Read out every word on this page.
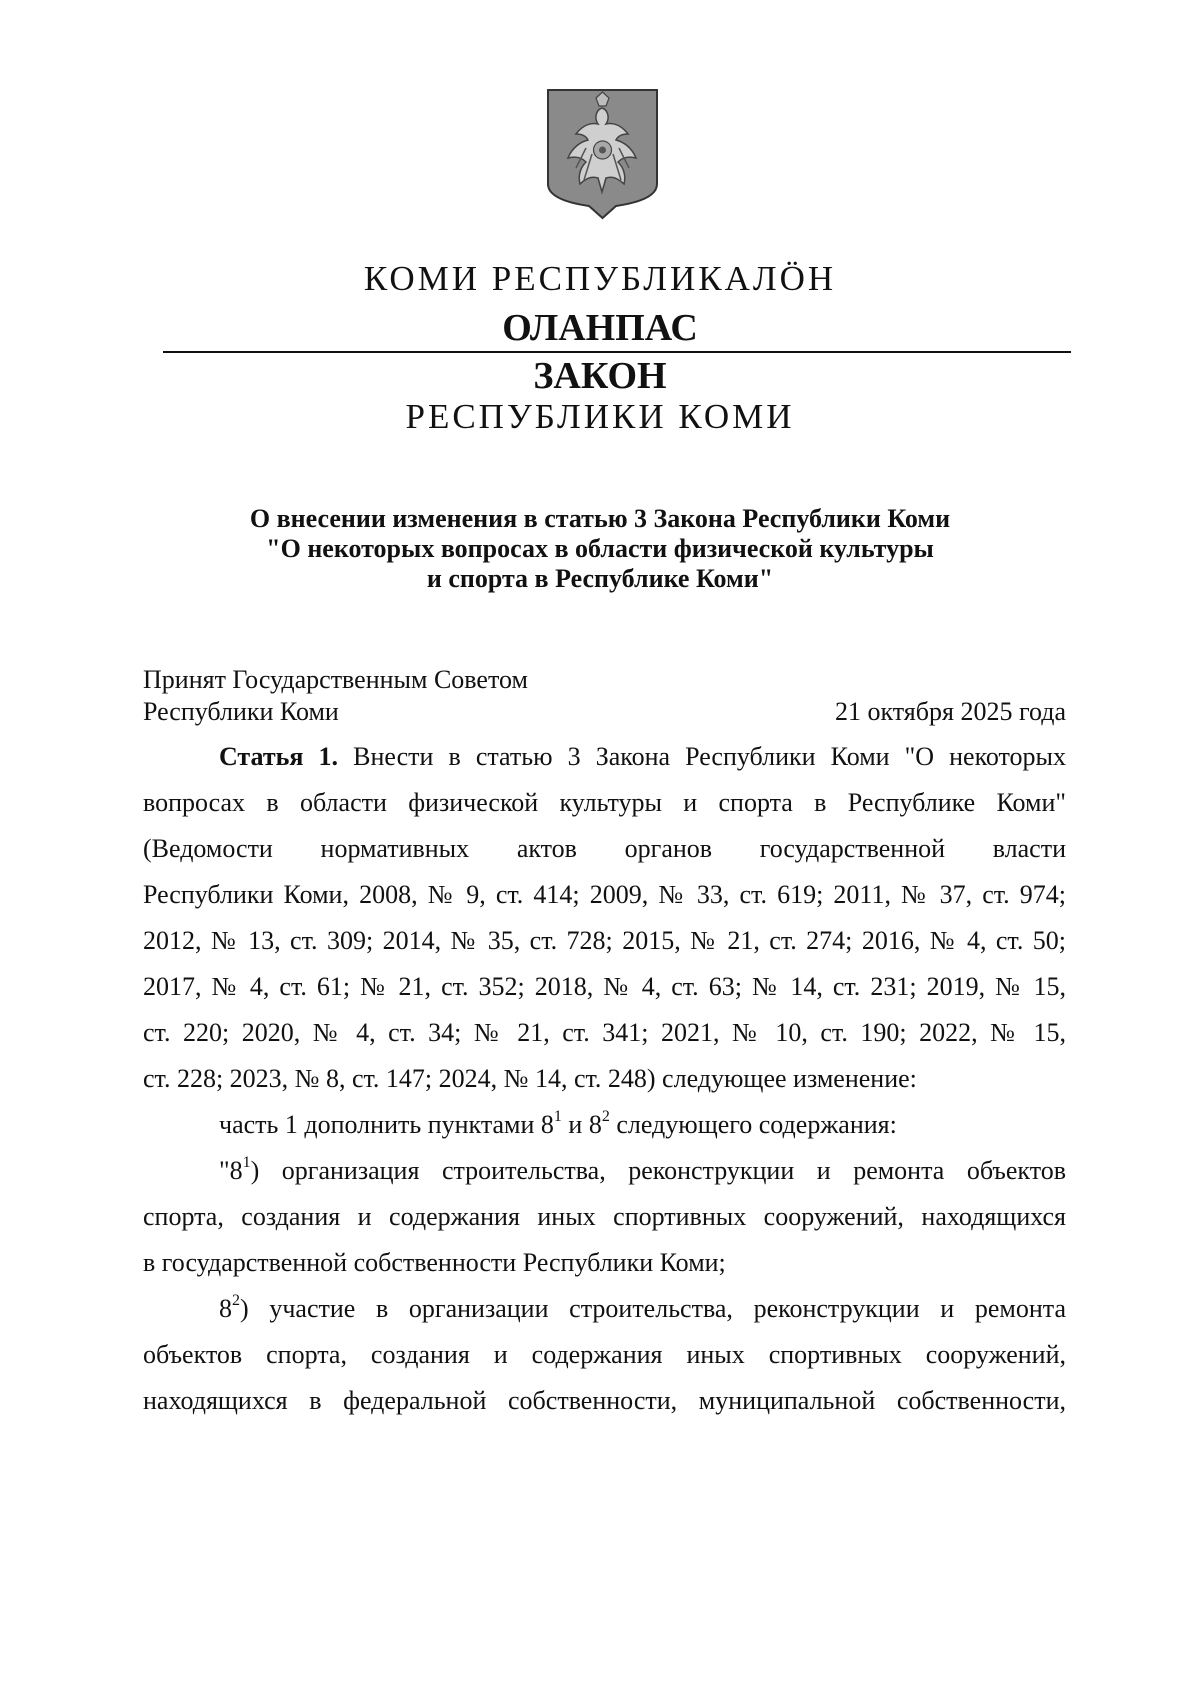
КОМИ РЕСПУБЛИКАЛӦН
ОЛАНПАС
ЗАКОН
РЕСПУБЛИКИ КОМИ
О внесении изменения в статью 3 Закона Республики Коми
"О некоторых вопросах в области физической культуры
и спорта в Республике Коми"
Принят Государственным Советом
Республики Коми	21 октября 2025 года
Статья 1. Внести в статью 3 Закона Республики Коми "О некоторых
вопросах в области физической культуры и спорта в Республике Коми"
(Ведомости нормативных актов органов государственной власти
Республики Коми, 2008, № 9, ст. 414; 2009, № 33, ст. 619; 2011, № 37, ст. 974;
2012, № 13, ст. 309; 2014, № 35, ст. 728; 2015, № 21, ст. 274; 2016, № 4, ст. 50;
2017, № 4, ст. 61; № 21, ст. 352; 2018, № 4, ст. 63; № 14, ст. 231; 2019, № 15,
ст. 220; 2020, № 4, ст. 34; № 21, ст. 341; 2021, № 10, ст. 190; 2022, № 15,
ст. 228; 2023, № 8, ст. 147; 2024, № 14, ст. 248) следующее изменение:
часть 1 дополнить пунктами $8^1$ и $8^2$ следующего содержания:
"$8^1$) организация строительства, реконструкции и ремонта объектов
спорта, создания и содержания иных спортивных сооружений, находящихся
в государственной собственности Республики Коми;
$8^2$) участие в организации строительства, реконструкции и ремонта
объектов спорта, создания и содержания иных спортивных сооружений,
находящихся в федеральной собственности, муниципальной собственности,
